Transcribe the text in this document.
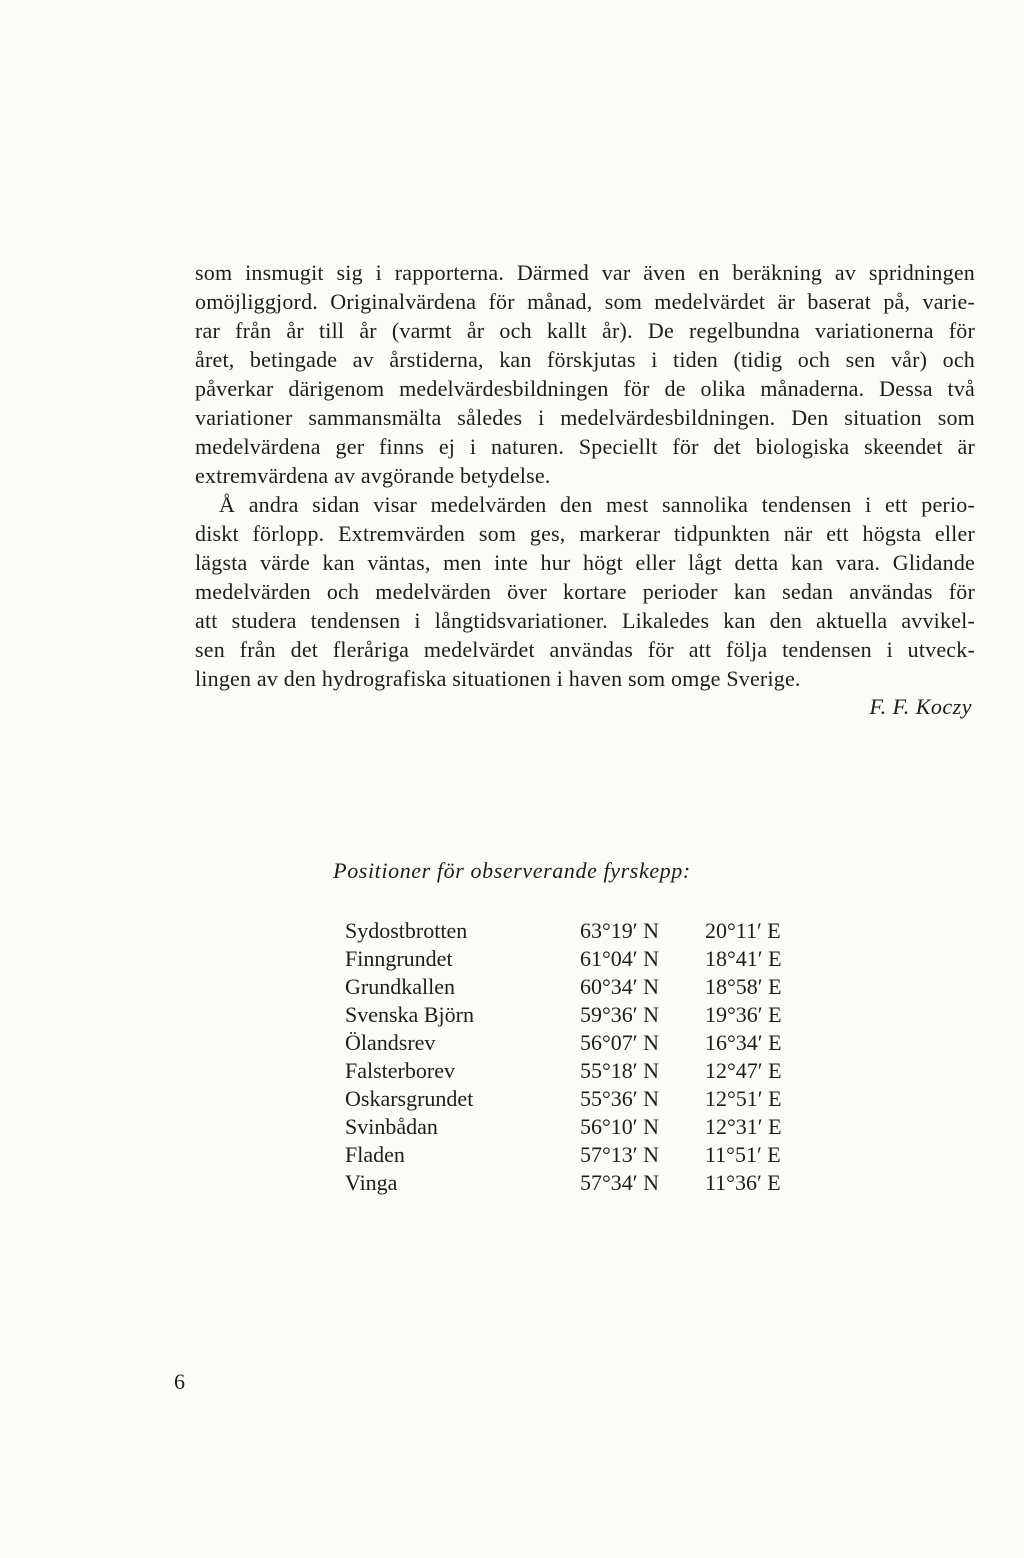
som insmugit sig i rapporterna. Därmed var även en beräkning av spridningen
omöjliggjord. Originalvärdena för månad, som medelvärdet är baserat på, varie-
rar från år till år (varmt år och kallt år). De regelbundna variationerna för
året, betingade av årstiderna, kan förskjutas i tiden (tidig och sen vår) och
påverkar därigenom medelvärdesbildningen för de olika månaderna. Dessa två
variationer sammansmälta således i medelvärdesbildningen. Den situation som
medelvärdena ger finns ej i naturen. Speciellt för det biologiska skeendet är
extremvärdena av avgörande betydelse.
Å andra sidan visar medelvärden den mest sannolika tendensen i ett perio-
diskt förlopp. Extremvärden som ges, markerar tidpunkten när ett högsta eller
lägsta värde kan väntas, men inte hur högt eller lågt detta kan vara. Glidande
medelvärden och medelvärden över kortare perioder kan sedan användas för
att studera tendensen i långtidsvariationer. Likaledes kan den aktuella avvikel-
sen från det fleråriga medelvärdet användas för att följa tendensen i utveck-
lingen av den hydrografiska situationen i haven som omge Sverige.
F. F. Koczy
Positioner för observerande fyrskepp:
Sydostbrotten	63°19′ N	20°11′ E
Finngrundet	61°04′ N	18°41′ E
Grundkallen	60°34′ N	18°58′ E
Svenska Björn	59°36′ N	19°36′ E
Ölandsrev	56°07′ N	16°34′ E
Falsterborev	55°18′ N	12°47′ E
Oskarsgrundet	55°36′ N	12°51′ E
Svinbådan	56°10′ N	12°31′ E
Fladen	57°13′ N	11°51′ E
Vinga	57°34′ N	11°36′ E
6
